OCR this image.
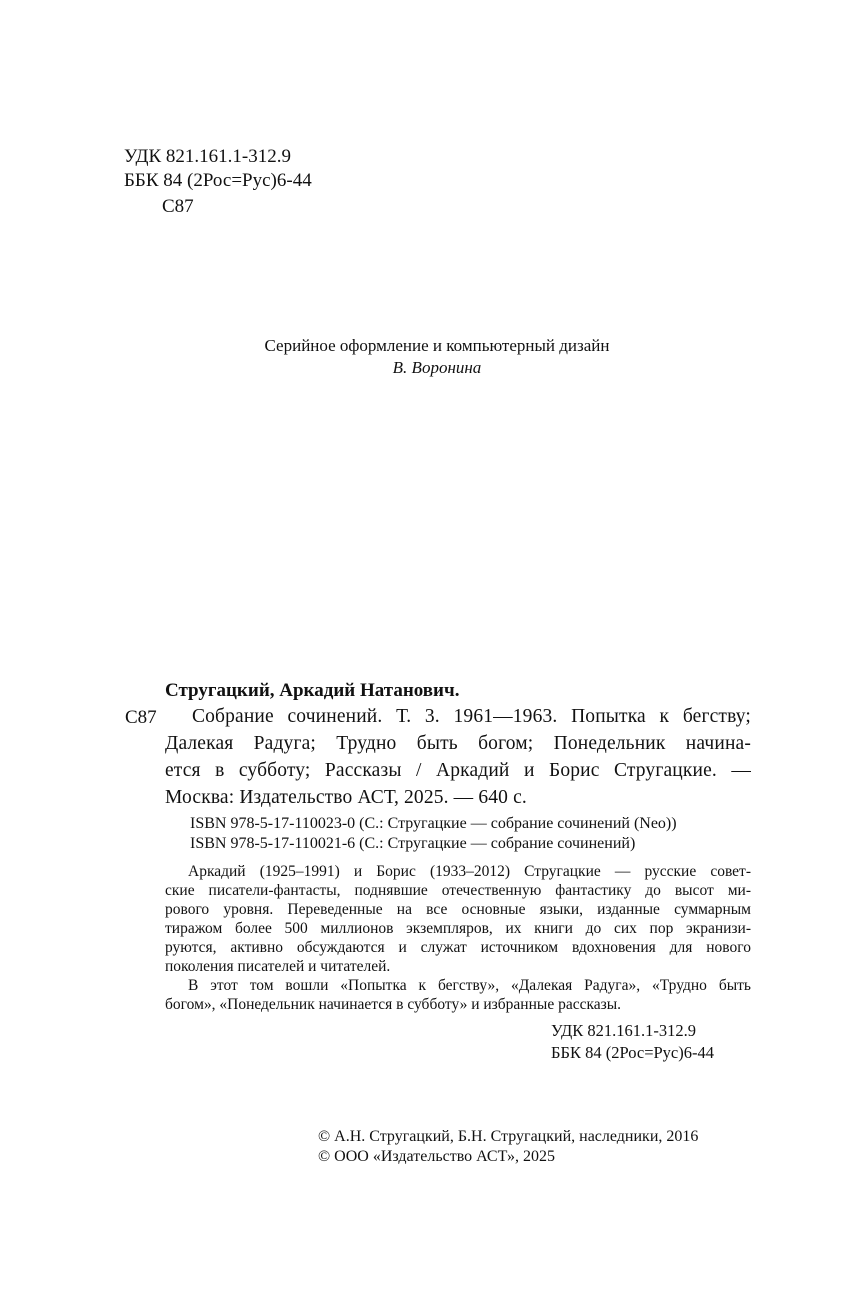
УДК 821.161.1-312.9
ББК 84 (2Рос=Рус)6-44
С87
Серийное оформление и компьютерный дизайн
В. Воронина
Стругацкий, Аркадий Натанович.
С87 Собрание сочинений. Т. 3. 1961—1963. Попытка к бегству;
Далекая Радуга; Трудно быть богом; Понедельник начина-
ется в субботу; Рассказы / Аркадий и Борис Стругацкие. —
Москва: Издательство АСТ, 2025. — 640 с.
ISBN 978-5-17-110023-0 (С.: Стругацкие — собрание сочинений (Neo))
ISBN 978-5-17-110021-6 (С.: Стругацкие — собрание сочинений)
Аркадий (1925–1991) и Борис (1933–2012) Стругацкие — русские совет-
ские писатели-фантасты, поднявшие отечественную фантастику до высот ми-
рового уровня. Переведенные на все основные языки, изданные суммарным
тиражом более 500 миллионов экземпляров, их книги до сих пор экранизи-
руются, активно обсуждаются и служат источником вдохновения для нового
поколения писателей и читателей.
В этот том вошли «Попытка к бегству», «Далекая Радуга», «Трудно быть
богом», «Понедельник начинается в субботу» и избранные рассказы.
УДК 821.161.1-312.9
ББК 84 (2Рос=Рус)6-44
© А.Н. Стругацкий, Б.Н. Стругацкий, наследники, 2016
© ООО «Издательство АСТ», 2025
